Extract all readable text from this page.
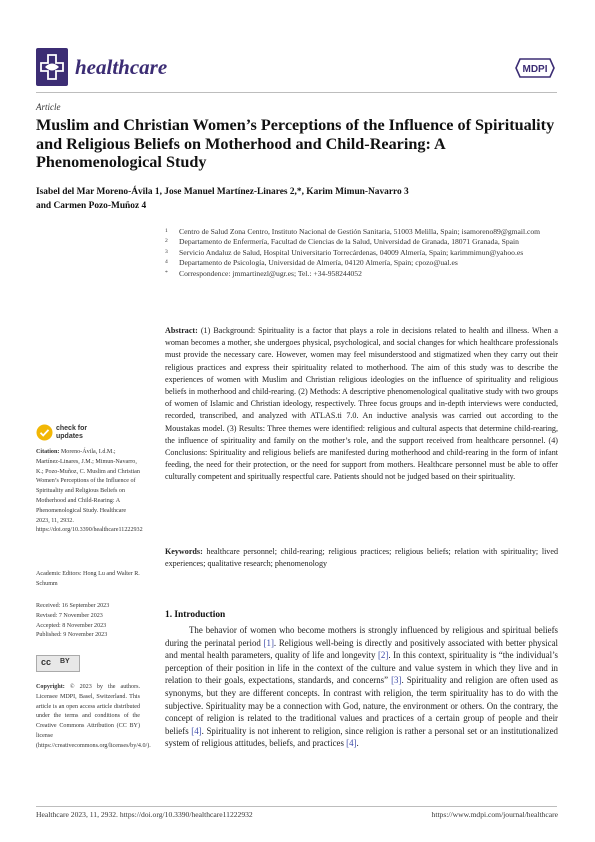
healthcare	MDPI
Article
Muslim and Christian Women’s Perceptions of the Influence of Spirituality and Religious Beliefs on Motherhood and Child-Rearing: A Phenomenological Study
Isabel del Mar Moreno-Ávila 1, Jose Manuel Martínez-Linares 2,*, Karim Mimun-Navarro 3
and Carmen Pozo-Muñoz 4
1	Centro de Salud Zona Centro, Instituto Nacional de Gestión Sanitaria, 51003 Melilla, Spain; isamoreno89@gmail.com
2	Departamento de Enfermería, Facultad de Ciencias de la Salud, Universidad de Granada, 18071 Granada, Spain
3	Servicio Andaluz de Salud, Hospital Universitario Torrecárdenas, 04009 Almería, Spain; karimmimun@yahoo.es
4	Departamento de Psicología, Universidad de Almería, 04120 Almería, Spain; cpozo@ual.es
*	Correspondence: jmmartinezl@ugr.es; Tel.: +34-958244052
Abstract: (1) Background: Spirituality is a factor that plays a role in decisions related to health and illness. When a woman becomes a mother, she undergoes physical, psychological, and social changes for which healthcare professionals must provide the necessary care. However, women may feel misunderstood and stigmatized when they carry out their religious practices and express their spirituality related to motherhood. The aim of this study was to describe the experiences of women with Muslim and Christian religious ideologies on the influence of spirituality and religious beliefs in motherhood and child-rearing. (2) Methods: A descriptive phenomenological qualitative study with two groups of women of Islamic and Christian ideology, respectively. Three focus groups and in-depth interviews were conducted, recorded, transcribed, and analyzed with ATLAS.ti 7.0. An inductive analysis was carried out according to the Moustakas model. (3) Results: Three themes were identified: religious and cultural aspects that determine child-rearing, the influence of spirituality and family on the mother’s role, and the support received from healthcare personnel. (4) Conclusions: Spirituality and religious beliefs are manifested during motherhood and child-rearing in the form of infant feeding, the need for their protection, or the need for support from mothers. Healthcare personnel must be able to offer culturally competent and spiritually respectful care. Patients should not be judged based on their spirituality.
Keywords: healthcare personnel; child-rearing; religious practices; religious beliefs; relation with spirituality; lived experiences; qualitative research; phenomenology
check for
updates
Citation: Moreno-Ávila, I.d.M.; Martínez-Linares, J.M.; Mimun-Navarro, K.; Pozo-Muñoz, C. Muslim and Christian Women’s Perceptions of the Influence of Spirituality and Religious Beliefs on Motherhood and Child-Rearing: A Phenomenological Study. Healthcare 2023, 11, 2932. https://doi.org/10.3390/healthcare11222932
Academic Editors: Hong Lu and Walter R. Schumm
Received: 16 September 2023
Revised: 7 November 2023
Accepted: 8 November 2023
Published: 9 November 2023
cc BY
Copyright: © 2023 by the authors. Licensee MDPI, Basel, Switzerland. This article is an open access article distributed under the terms and conditions of the Creative Commons Attribution (CC BY) license (https://creativecommons.org/licenses/by/4.0/).
1. Introduction
The behavior of women who become mothers is strongly influenced by religious and spiritual beliefs during the perinatal period [1]. Religious well-being is directly and positively associated with better physical and mental health parameters, quality of life and longevity [2]. In this context, spirituality is “the individual’s perception of their position in life in the context of the culture and value system in which they live and in relation to their goals, expectations, standards, and concerns” [3]. Spirituality and religion are often used as synonyms, but they are different concepts. In contrast with religion, the term spirituality has to do with the subjective. Spirituality may be a connection with God, nature, the environment or others. On the contrary, the concept of religion is related to the traditional values and practices of a certain group of people and their beliefs [4]. Spirituality is not inherent to religion, since religion is rather a personal set or an institutionalized system of religious attitudes, beliefs, and practices [4].
Healthcare 2023, 11, 2932. https://doi.org/10.3390/healthcare11222932	https://www.mdpi.com/journal/healthcare
